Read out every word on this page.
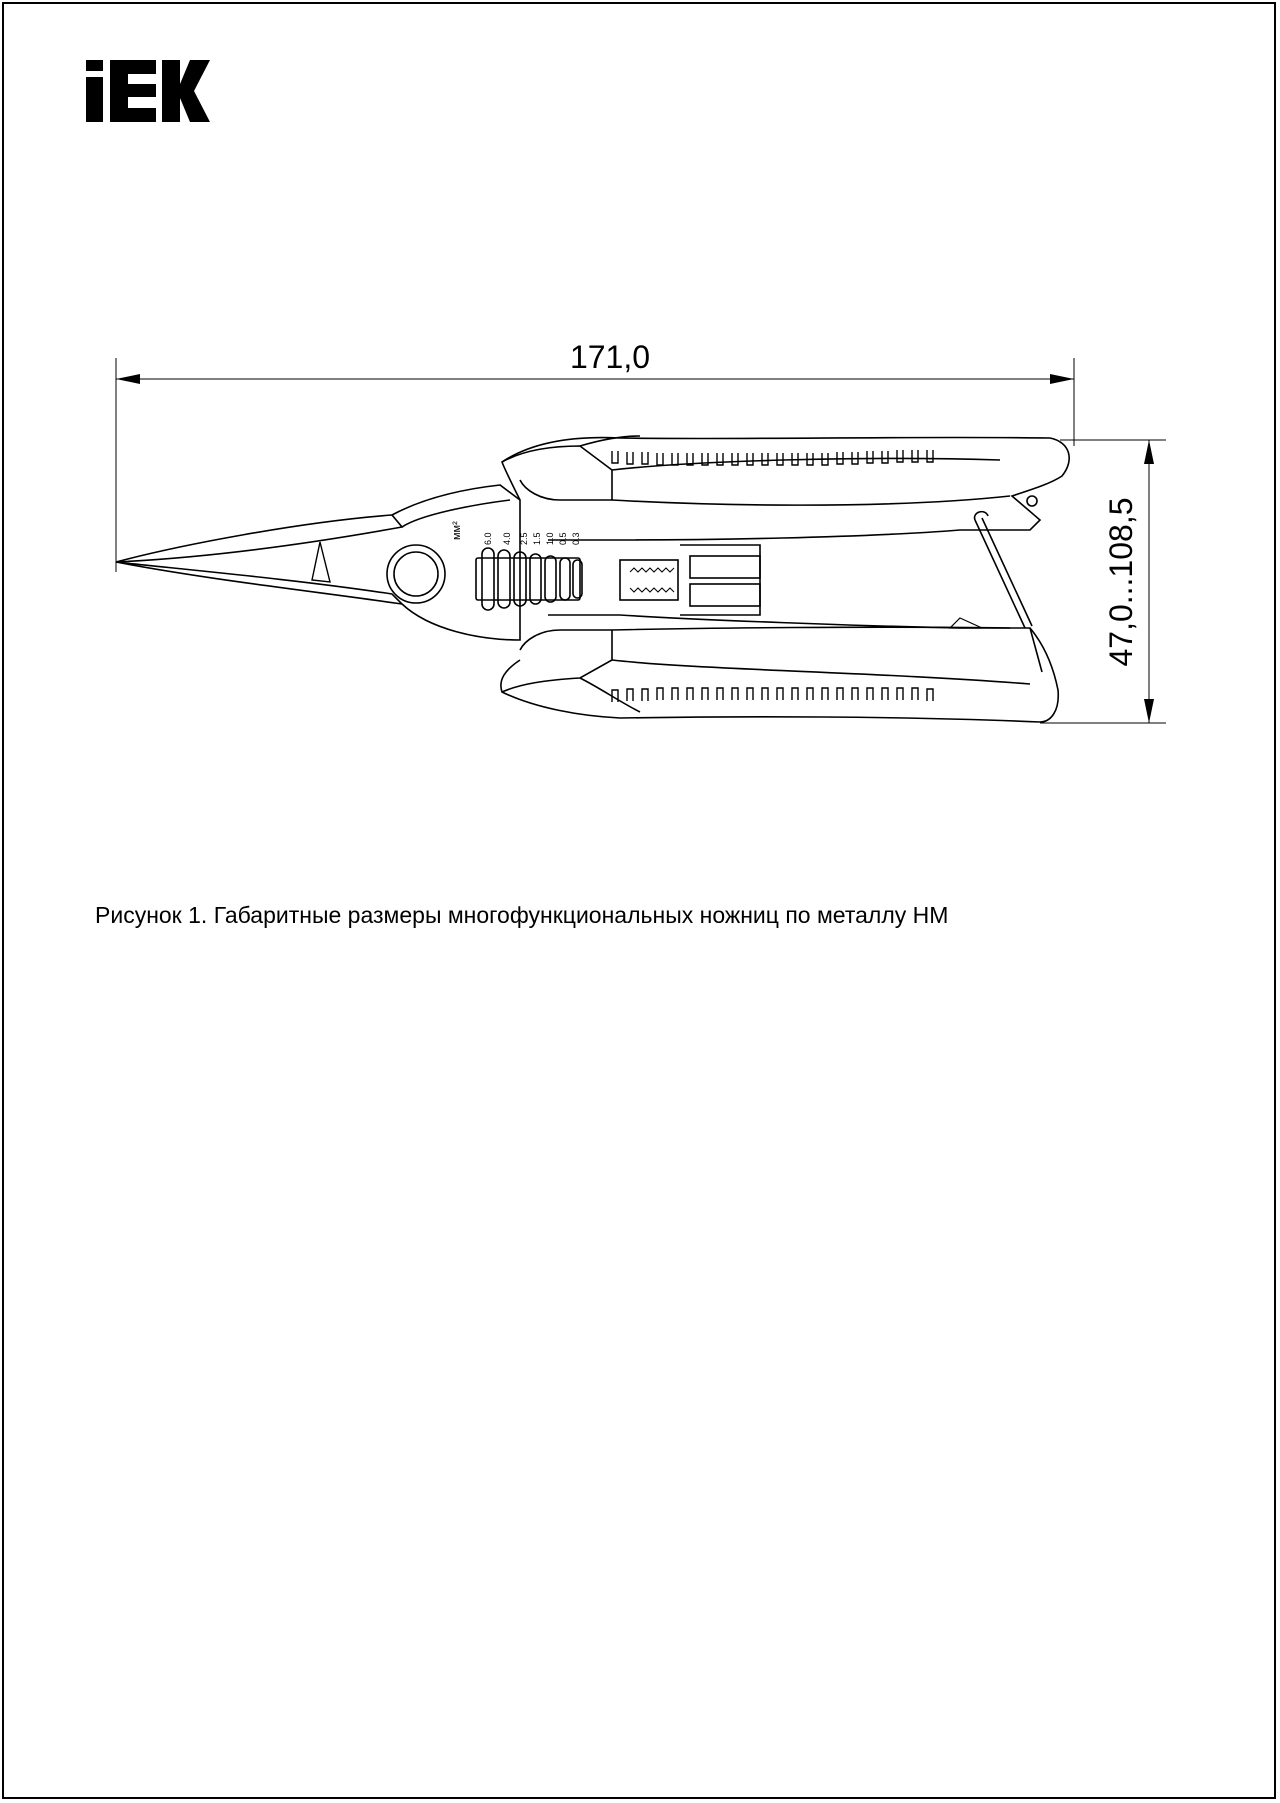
171,0
47,0...108,5
мм² 6.0 4.0 2.5 1.5 1.0 0.5 0.3
Рисунок 1. Габаритные размеры многофункциональных ножниц по металлу НМ
